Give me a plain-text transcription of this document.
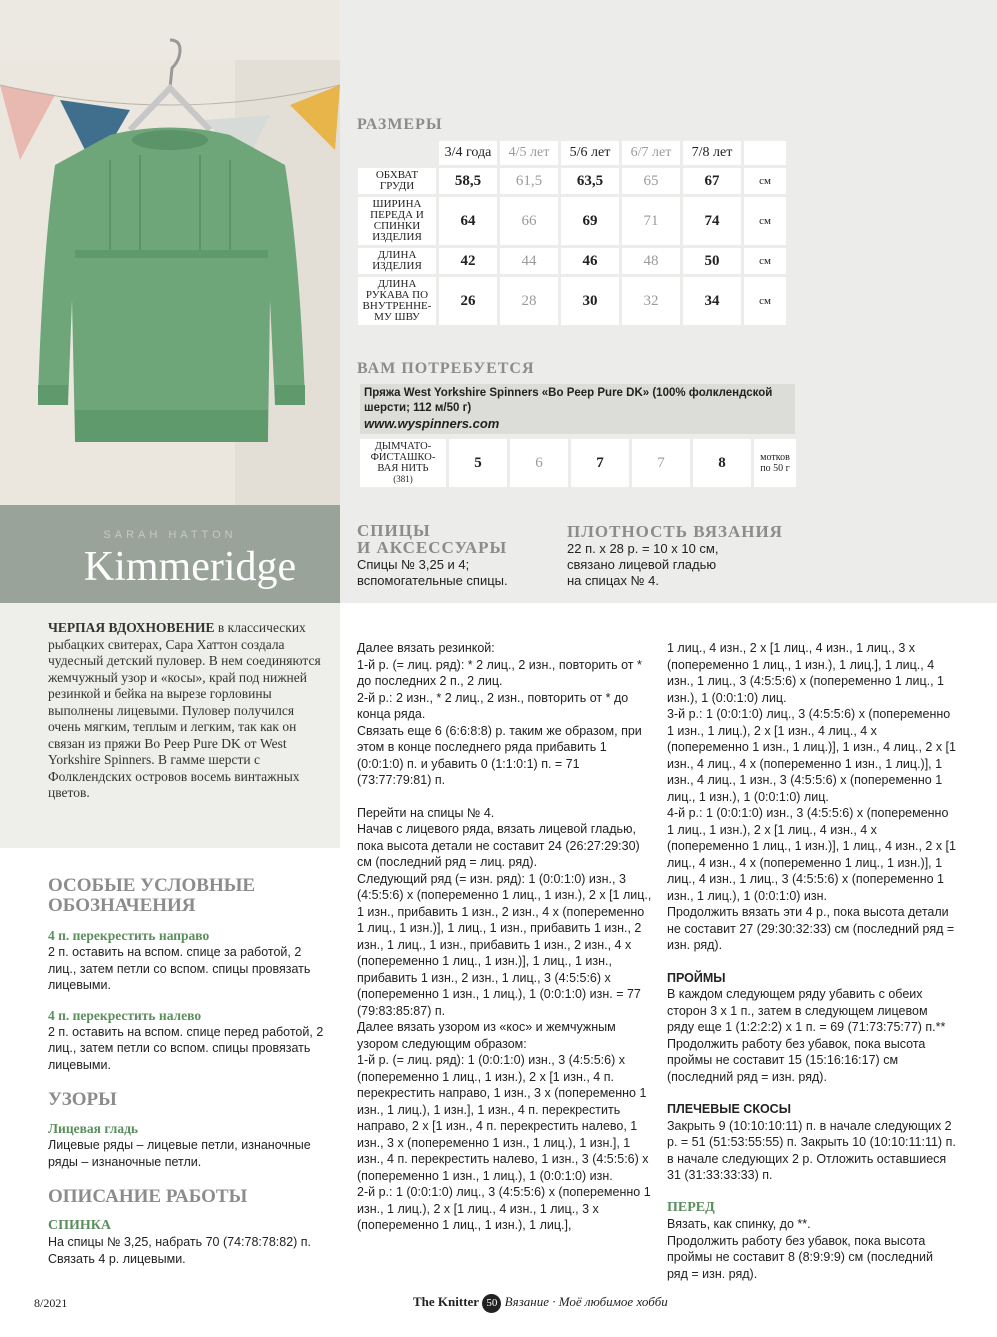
SARAH HATTON
Kimmeridge
РАЗМЕРЫ
	3/4 года	4/5 лет	5/6 лет	6/7 лет	7/8 лет	
ОБХВАТ ГРУДИ	58,5	61,5	63,5	65	67	см
ШИРИНА ПЕРЕДА И СПИНКИ ИЗДЕЛИЯ	64	66	69	71	74	см
ДЛИНА ИЗДЕЛИЯ	42	44	46	48	50	см
ДЛИНА РУКАВА ПО ВНУТРЕННЕ-МУ ШВУ	26	28	30	32	34	см
ВАМ ПОТРЕБУЕТСЯ
Пряжа West Yorkshire Spinners «Bo Peep Pure DK» (100% фолклендской шерсти; 112 м/50 г)
www.wyspinners.com
ДЫМЧАТО-ФИСТАШКО-ВАЯ НИТЬ
(381)	5	6	7	7	8	мотков по 50 г
СПИЦЫ
И АКСЕССУАРЫ
Спицы № 3,25 и 4;
вспомогательные спицы.
ПЛОТНОСТЬ ВЯЗАНИЯ
22 п. х 28 р. = 10 х 10 см,
связано лицевой гладью
на спицах № 4.
ЧЕРПАЯ ВДОХНОВЕНИЕ в классических рыбацких свитерах, Сара Хаттон создала чудесный детский пуловер. В нем соединяются жемчужный узор и «косы», край под нижней резинкой и бейка на вырезе горловины выполнены лицевыми. Пуловер получился очень мягким, теплым и легким, так как он связан из пряжи Bo Peep Pure DK от West Yorkshire Spinners. В гамме шерсти с Фолклендских островов восемь винтажных цветов.
ОСОБЫЕ УСЛОВНЫЕ ОБОЗНАЧЕНИЯ
4 п. перекрестить направо

2 п. оставить на вспом. спице за работой, 2 лиц., затем петли со вспом. спицы провязать лицевыми.

4 п. перекрестить налево

2 п. оставить на вспом. спице перед работой, 2 лиц., затем петли со вспом. спицы провязать лицевыми.

УЗОРЫ
Лицевая гладь

Лицевые ряды – лицевые петли, изнаночные ряды – изнаночные петли.

ОПИСАНИЕ РАБОТЫ
СПИНКА

На спицы № 3,25, набрать 70 (74:78:78:82) п. Связать 4 р. лицевыми.

Далее вязать резинкой:

1-й р. (= лиц. ряд): * 2 лиц., 2 изн., повторить от * до последних 2 п., 2 лиц.

2-й р.: 2 изн., * 2 лиц., 2 изн., повторить от * до конца ряда.

Связать еще 6 (6:6:8:8) р. таким же образом, при этом в конце последнего ряда прибавить 1 (0:0:1:0) п. и убавить 0 (1:1:0:1) п. = 71 (73:77:79:81) п.

Перейти на спицы № 4.

Начав с лицевого ряда, вязать лицевой гладью, пока высота детали не составит 24 (26:27:29:30) см (последний ряд = лиц. ряд).

Следующий ряд (= изн. ряд): 1 (0:0:1:0) изн., 3 (4:5:5:6) x (попеременно 1 лиц., 1 изн.), 2 x [1 лиц., 1 изн., прибавить 1 изн., 2 изн., 4 x (попеременно 1 лиц., 1 изн.)], 1 лиц., 1 изн., прибавить 1 изн., 2 изн., 1 лиц., 1 изн., прибавить 1 изн., 2 изн., 4 x (попеременно 1 лиц., 1 изн.)], 1 лиц., 1 изн., прибавить 1 изн., 2 изн., 1 лиц., 3 (4:5:5:6) x (попеременно 1 изн., 1 лиц.), 1 (0:0:1:0) изн. = 77 (79:83:85:87) п.

Далее вязать узором из «кос» и жемчужным узором следующим образом:

1-й р. (= лиц. ряд): 1 (0:0:1:0) изн., 3 (4:5:5:6) x (попеременно 1 лиц., 1 изн.), 2 x [1 изн., 4 п. перекрестить направо, 1 изн., 3 x (попеременно 1 изн., 1 лиц.), 1 изн.], 1 изн., 4 п. перекрестить направо, 2 x [1 изн., 4 п. перекрестить налево, 1 изн., 3 x (попеременно 1 изн., 1 лиц.), 1 изн.], 1 изн., 4 п. перекрестить налево, 1 изн., 3 (4:5:5:6) x (попеременно 1 изн., 1 лиц.), 1 (0:0:1:0) изн.

2-й р.: 1 (0:0:1:0) лиц., 3 (4:5:5:6) x (попеременно 1 изн., 1 лиц.), 2 x [1 лиц., 4 изн., 1 лиц., 3 x (попеременно 1 лиц., 1 изн.), 1 лиц.],

1 лиц., 4 изн., 2 x [1 лиц., 4 изн., 1 лиц., 3 x (попеременно 1 лиц., 1 изн.), 1 лиц.], 1 лиц., 4 изн., 1 лиц., 3 (4:5:5:6) x (попеременно 1 лиц., 1 изн.), 1 (0:0:1:0) лиц.

3-й р.: 1 (0:0:1:0) лиц., 3 (4:5:5:6) x (попеременно 1 изн., 1 лиц.), 2 x [1 изн., 4 лиц., 4 x (попеременно 1 изн., 1 лиц.)], 1 изн., 4 лиц., 2 x [1 изн., 4 лиц., 4 x (попеременно 1 изн., 1 лиц.)], 1 изн., 4 лиц., 1 изн., 3 (4:5:5:6) x (попеременно 1 лиц., 1 изн.), 1 (0:0:1:0) лиц.

4-й р.: 1 (0:0:1:0) изн., 3 (4:5:5:6) x (попеременно 1 лиц., 1 изн.), 2 x [1 лиц., 4 изн., 4 x (попеременно 1 лиц., 1 изн.)], 1 лиц., 4 изн., 2 x [1 лиц., 4 изн., 4 x (попеременно 1 лиц., 1 изн.)], 1 лиц., 4 изн., 1 лиц., 3 (4:5:5:6) x (попеременно 1 изн., 1 лиц.), 1 (0:0:1:0) изн.

Продолжить вязать эти 4 р., пока высота детали не составит 27 (29:30:32:33) см (последний ряд = изн. ряд).

ПРОЙМЫ

В каждом следующем ряду убавить с обеих сторон 3 x 1 п., затем в следующем лицевом ряду еще 1 (1:2:2:2) x 1 п. = 69 (71:73:75:77) п.** Продолжить работу без убавок, пока высота проймы не составит 15 (15:16:16:17) см (последний ряд = изн. ряд).

ПЛЕЧЕВЫЕ СКОСЫ

Закрыть 9 (10:10:10:11) п. в начале следующих 2 р. = 51 (51:53:55:55) п. Закрыть 10 (10:10:11:11) п. в начале следующих 2 р. Отложить оставшиеся 31 (31:33:33:33) п.

ПЕРЕД

Вязать, как спинку, до **.

Продолжить работу без убавок, пока высота проймы не составит 8 (8:9:9:9) см (последний ряд = изн. ряд).

8/2021	The Knitter 50 Вязание · Моё любимое хобби
